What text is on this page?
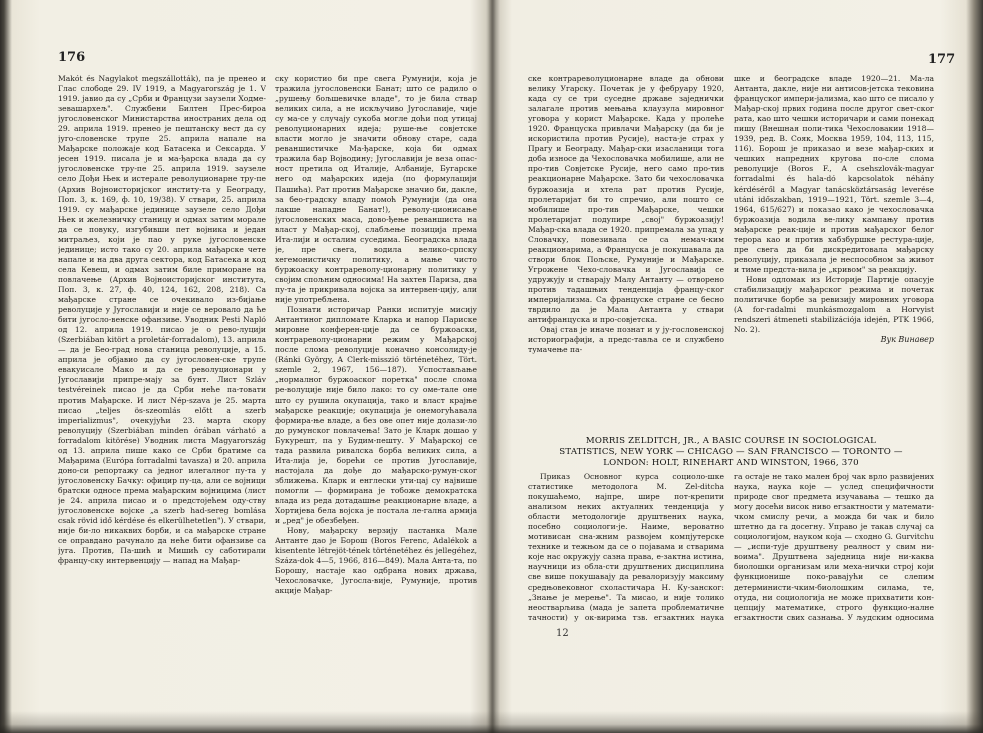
176

Makót és Nagylakot megszállották), па је пренео и Глас слободе 29. IV 1919, а Magyarország je 1. V 1919. јавио да су „Срби и Французи заузели Ходме-зевашархељ". Службени Билтен Прес-бироа југословенског Министарства иностраних дела од 29. априла 1919. пренео је пештанску вест да су југо-словенске трупе 25. априла напале на Мађарске положаје код Батасека и Сексарда. У јесен 1919. писала је и ма-ђарска влада да су југословенске тру-пе 25. априла 1919. заузеле село Дођи Њек и истерале револуционарне тру-пе (Архив Војноисторијског институ-та у Београду, Поп. 3, к. 169, ф. 10, 19/38). У ствари, 25. априла 1919. су мађарске јединице заузеле село Дођи Њек и железничку станицу и одмах затим морале да се повуку, изгубивши пет војника и један митраљез, који је пао у руке југословенске јединице; исто тако су 20. априла мађарске чете напале и на два друга сектора, код Батасека и код села Кевеш, и одмах затим биле приморане на повлачење (Архив Војноисторијског института, Поп. 3, к. 27, ф. 40, 124, 162, 208, 218). Са мађарске стране се очекивало из-бијање револуције у Југославији и није се веровало да ће бити југосло-венске офанзиве. Уводник Pesti Napló од 12. априла 1919. писао је о рево-луцији (Szerbiában kitört a proletár-forradalom), 13. априла — да је Бео-град нова станица револуције, а 15. априла је објавио да су југословен-ске трупе евакуисале Мако и да се револуционари у Југославији припре-мају за бунт. Лист Szláv testvéreinek писао је да Срби неће па-товати против Мађарске. И лист Nép-szava је 25. марта писао „teljes ös-szeomlás előtt a szerb imperializmus", очекујући 23. марта скору револуцију (Szerbiában minden órában várható a forradalom kitörése) Уводник листа Magyarország од 13. априла пише како се Срби братиме са Мађарима (Európa forradalmi tavasza) и 20. априла доно-си репортажу са једног илегалног пу-та у југословенску Бачку: официр пу-ца, али се војници братски односе према мађарским војницима (лист је 24. априла писао и о предстојећем оду-ству југословенске војске „a szerb had-sereg bomlása csak rövid idő kérdése és elkerülhetetlen"). У ствари, није би-ло никаквих борби, и са мађарске стране се оправдано рачунало да неће бити офанзиве са југа. Против, Па-шић и Мишић су саботирали францу-ску интервенцију — напад на Мађар-

ску користио би пре свега Румунији, која је тражила југословенски Банат; што се радило о „рушењу бољшевичке владе", то је била ствар великих сила, а не искључиво Југославије, чије су ма-се у случају сукоба могле доћи под утицај револуционарних идеја; руше-ње совјетске власти могло је значити обнову старе, сада реваншистичке Ма-ђарске, која би одмах тражила бар Војводину; Југославији је веза опас-ност претила од Италије, Албаније, Бугарске него од мађарских идеја (по формулацији Пашића). Рат против Мађарске значио би, дакле, за бео-градску владу помоћ Румунији (да она лакше нападне Банат!), револу-ционисање југословенских маса, дово-ђење реваншиста на власт у Мађар-ској, слабљење позиција према Ита-лији и осталим суседима. Београдска влада је, пре свега, водила велико-српску хегемонистичку политику, а мање чисто буржоаску контрареволу-ционарну политику у своjим спољним односима! На захтев Париза, два пу-та је прикривала војска за интервен-цију, али није употребљена.

Познати историчар Ранки испитује мисију Антантиног дипломате Кларка и напор Париске мировне конферен-ције да се буржоаски, контрареволу-ционарни режим у Мађарској после слома револуције коначно консолиду-је (Ránki György, A Clerk-misszió történetéhez, Tört. szemle 2, 1967, 156—187). Успостављање „нормалног буржоаског поретка" после слома ре-волуције није било лако: то су оме-тале оне што су рушила окупација, тако и власт крајње мађарске реакције; окупација је онемогућавала формира-ње владе, а без ове опет није долази-ло до румунског повлачења! Зато је Кларк дошао у Букурешт, па у Будим-пешту. У Мађарској се тада развила ривалска борба великих сила, а Ита-лија је, борећи се против Југославије, настојала да дође до мађарско-румун-ског зближења. Кларк и енглески ути-цај су највише помогли — формирана је тобоже демократска влада из реда дотадашње реакционарне владе, а Хортијева бела војска је постала ле-гална армија и „ред" је обезбеђен.

Нову, мађарску верзију пастанка Мале Антанте даo je Борош (Boros Ferenc, Adalékok a kisentente létrejöt-tének történetéhez és jellegéhez, Száza-dok 4—5, 1966, 816—849). Мала Анта-та, по Борошу, настаје као одбрана нових држава, Чехословачке, Југосла-вије, Румуније, против акције Мађар-

177

ске контрареволуционарне владе да обнови велику Угарску. Почетак је у фебруару 1920, када су се три суседне државе заједнички залагале против мењања клаузула мировног уговора у корист Мађарске. Када у пролеће 1920. Француска привлачи Мађарску (да би је искористила против Русије), наста-је страх у Прагу и Београду. Мађар-ски изасланици тога доба износе да Чехословачка мобилише, али не про-тив Совјетске Русије, него само про-тив реакционарне Мађарске. Зато би чехословачка буржоазија и хтела рат против Русије, пролетаријат би то спречио, али пошто се мобилише про-тив Мађарске, чешки пролетаријат подупире „свој" буржоазију! Мађар-ска влада се 1920. припремала за упад у Словачку, повезивала се са немач-ким реакционарима, а Француска је покушавала да створи блок Пољске, Румуније и Мађарске. Угрожене Чехо-словачка и Југославија се удружују и стварају Малу Антанту — отворено против тадашњих тенденција францу-ског империјализма. Са француске стране се бесно тврдило да је Мала Антанта у ствари антифранцуска и про-совјетска.

Овај став је иначе познат и у ју-гословенској историографији, а предс-тавља се и службено тумачење па-

шке и београдске владе 1920—21. Ма-ла Антанта, дакле, није ни антисов-јетска тековина француског импери-јализма, као што се писало у Мађар-ској првих година после другог свет-ског рата, као што чешки историчари и сами понекад пишу (Внешная поли-тика Чехословакии 1918—1939, ред. В. Сояк, Москва 1959, 104, 113, 115, 116). Борош је приказао и везе мађар-ских и чешких напредних кругова по-сле слома револуције (Boros F., A csehszlovák-magyar forradalmi és hala-dó kapcsolatok néhány kérdéséről a Magyar tanácsköztársaság leverése utáni időszakban, 1919—1921, Tört. szemle 3—4, 1964, 615/627) и показао како је чехословачка буржоазија водила ве-лику кампању против мађарске реак-ције и против мађарског белог терора као и против хабзбуршке рестура-ције, пре свега да би дискредитовала мађарску револуцију, приказала је неспособном за живот и тиме предста-вила је „кривом" за реакцију.

Нови одломак из Историје Партије опасује стабилизацију мађарског режима и почетак политичке борбе за ревизију мировних уговора (A for-radalmi munkásmozgalom a Horvyist rendszeri átmeneti stabilizációja idején, PTK 1966, No. 2).

Вук Винавер
MORRIS ZELDITCH, JR., A BASIC COURSE IN SOCIOLOGICAL
STATISTICS, NEW YORK — CHICAGO — SAN FRANCISCO — TORONTO —
LONDON: HOLT, RINEHART AND WINSTON, 1966, 370

Приказ Основног курса социоло-шке статистике методолога M. Zel-ditcha покушаћемо, најпре, ширe пот-крепити анализом неких актуалних тенденција у области методологије друштвених наука, посебно социологи-је. Наиме, вероватно мотивисан сна-жним развојем компјутерске технике и тежњом да се о појавама и стварима које нас окружују сазна права, е-зактна истина, научници из обла-сти друштвених дисциплина све више покушавају да ревалоризују максиму средњовековног схоластичара Н. Ку-занског: „Знање је мерење". Та мисао, и није толико неоствaрљива (мада је запета проблематичне тачности) у ок-вирима тзв. егзактних наука

га остаје не тако мален број чак врло развијених наука, наука које — услед специфичности природе свог предмета изучавања — тешко да могу досећи висок ниво егзактности у математи-чком смислу речи, а можда би чак и било штетно да га досегну. Управо је такав случај са социологијом, науком која — сходно G. Gurvitchu — „испи-тује друштвену реалност у свим ни-воима". Друштвена заједница није ни-каква биолошки организам или меха-нички строј који функционише поко-равајући се слепим детерминисти-чким-биолошким силама, те, отуда, ни социологија не може прихватити кон-цепцију математике, строго функцио-налне егзактности свих сазнања. У људским односима

12
